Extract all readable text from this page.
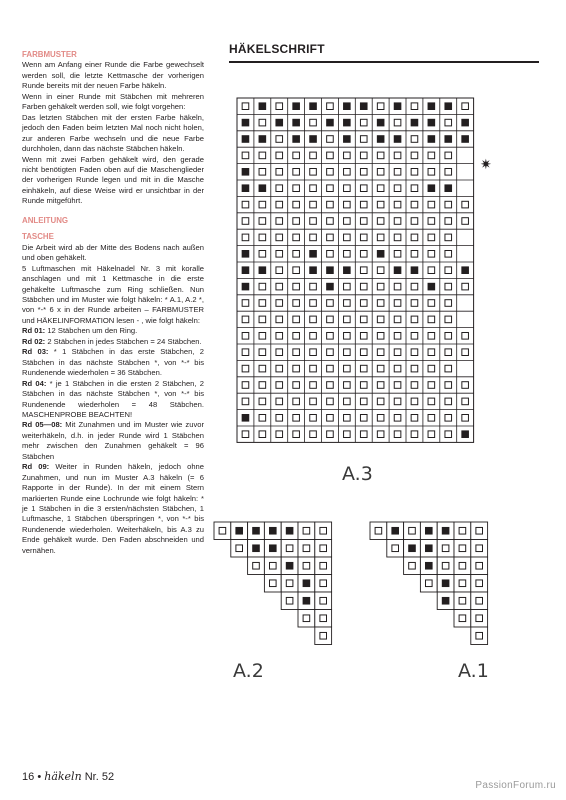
FARBMUSTER

Wenn am Anfang einer Runde die Farbe gewechselt werden soll, die letzte Kettmasche der vorherigen Runde bereits mit der neuen Farbe häkeln.

Wenn in einer Runde mit Stäbchen mit mehreren Farben gehäkelt werden soll, wie folgt vorgehen:

Das letzten Stäbchen mit der ersten Farbe häkeln, jedoch den Faden beim letzten Mal noch nicht holen, zur anderen Farbe wechseln und die neue Farbe durchholen, dann das nächste Stäbchen häkeln.

Wenn mit zwei Farben gehäkelt wird, den gerade nicht benötigten Faden oben auf die Maschenglieder der vorherigen Runde legen und mit in die Masche einhäkeln, auf diese Weise wird er unsichtbar in der Runde mitgeführt.

ANLEITUNG
TASCHE

Die Arbeit wird ab der Mitte des Bodens nach außen und oben gehäkelt.

5 Luftmaschen mit Häkelnadel Nr. 3 mit koralle anschlagen und mit 1 Kettmasche in die erste gehäkelte Luftmasche zum Ring schließen. Nun Stäbchen und im Muster wie folgt häkeln: * A.1, A.2 *, von *-* 6 x in der Runde arbeiten – FARBMUSTER und HÄKELINFORMATION lesen - , wie folgt häkeln:

Rd 01: 12 Stäbchen um den Ring.

Rd 02: 2 Stäbchen in jedes Stäbchen = 24 Stäbchen.

Rd 03: * 1 Stäbchen in das erste Stäbchen, 2 Stäbchen in das nächste Stäbchen *, von *-* bis Rundenende wiederholen = 36 Stäbchen.

Rd 04: * je 1 Stäbchen in die ersten 2 Stäbchen, 2 Stäbchen in das nächste Stäbchen *, von *-* bis Rundenende wiederholen = 48 Stäbchen. MASCHENPROBE BEACHTEN!

Rd 05—08: Mit Zunahmen und im Muster wie zuvor weiterhäkeln, d.h. in jeder Runde wird 1 Stäbchen mehr zwischen den Zunahmen gehäkelt = 96 Stäbchen

Rd 09: Weiter in Runden häkeln, jedoch ohne Zunahmen, und nun im Muster A.3 häkeln (= 6 Rapporte in der Runde). In der mit einem Stern markierten Runde eine Lochrunde wie folgt häkeln: * je 1 Stäbchen in die 3 ersten/nächsten Stäbchen, 1 Luftmasche, 1 Stäbchen überspringen *, von *-* bis Rundenende wiederholen. Weiterhäkeln, bis A.3 zu Ende gehäkelt wurde. Den Faden abschneiden und vernähen.

HÄKELSCHRIFT
✷
A.3
A.2	A.1
16 • häkeln Nr. 52
PassionForum.ru
